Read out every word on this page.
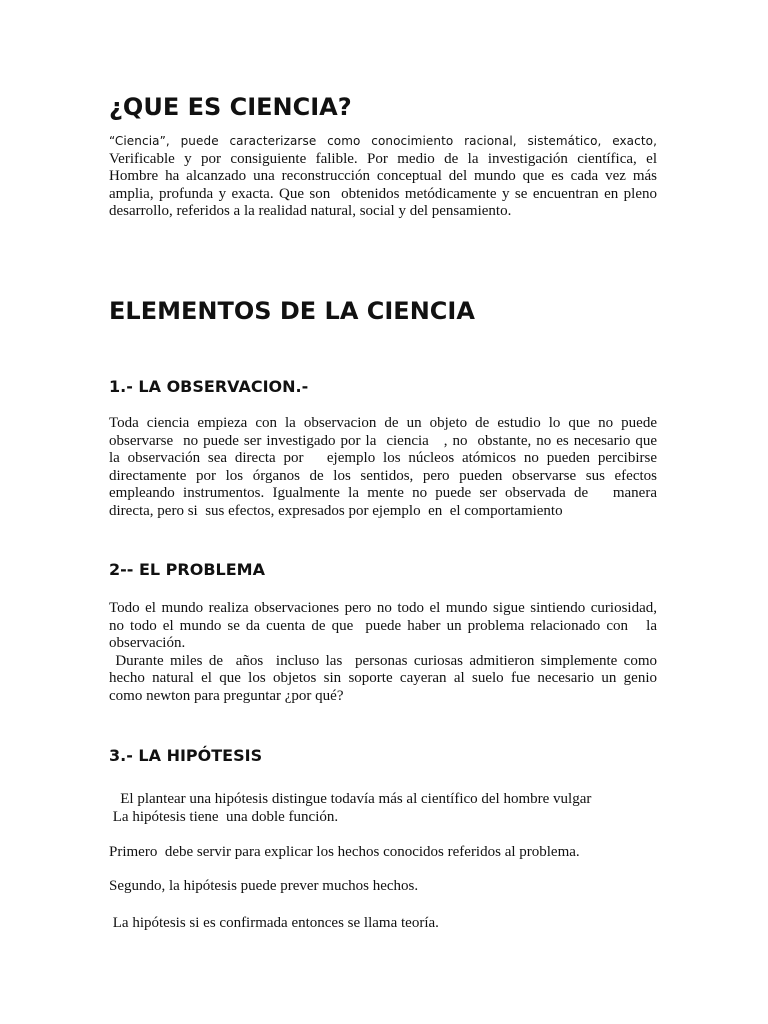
¿QUE ES CIENCIA?
“Ciencia”,  puede  caracterizarse  como  conocimiento  racional,  sistemático,  exacto,
Verificable y por consiguiente falible. Por medio de la investigación científica, el
Hombre ha alcanzado una reconstrucción conceptual del mundo que es cada vez más
amplia, profunda y exacta. Que son  obtenidos metódicamente y se encuentran en pleno
desarrollo, referidos a la realidad natural, social y del pensamiento.
ELEMENTOS DE LA CIENCIA
1.- LA OBSERVACION.-
Toda ciencia empieza con la observacion de un objeto de estudio lo que no puede
observarse  no puede ser investigado por la  ciencia   , no  obstante, no es necesario que
la observación sea directa por   ejemplo los núcleos atómicos no pueden percibirse
directamente por los órganos de los sentidos, pero pueden observarse sus efectos
empleando instrumentos. Igualmente la mente no puede ser observada de   manera
directa, pero si  sus efectos, expresados por ejemplo  en  el comportamiento
2-- EL PROBLEMA
Todo el mundo realiza observaciones pero no todo el mundo sigue sintiendo curiosidad,
no todo el mundo se da cuenta de que  puede haber un problema relacionado con   la
observación.
Durante miles de  años  incluso las  personas curiosas admitieron simplemente como
hecho natural el que los objetos sin soporte cayeran al suelo fue necesario un genio
como newton para preguntar ¿por qué?
3.- LA HIPÓTESIS
El plantear una hipótesis distingue todavía más al científico del hombre vulgar
La hipótesis tiene  una doble función.
Primero  debe servir para explicar los hechos conocidos referidos al problema.
Segundo, la hipótesis puede prever muchos hechos.
La hipótesis si es confirmada entonces se llama teoría.
